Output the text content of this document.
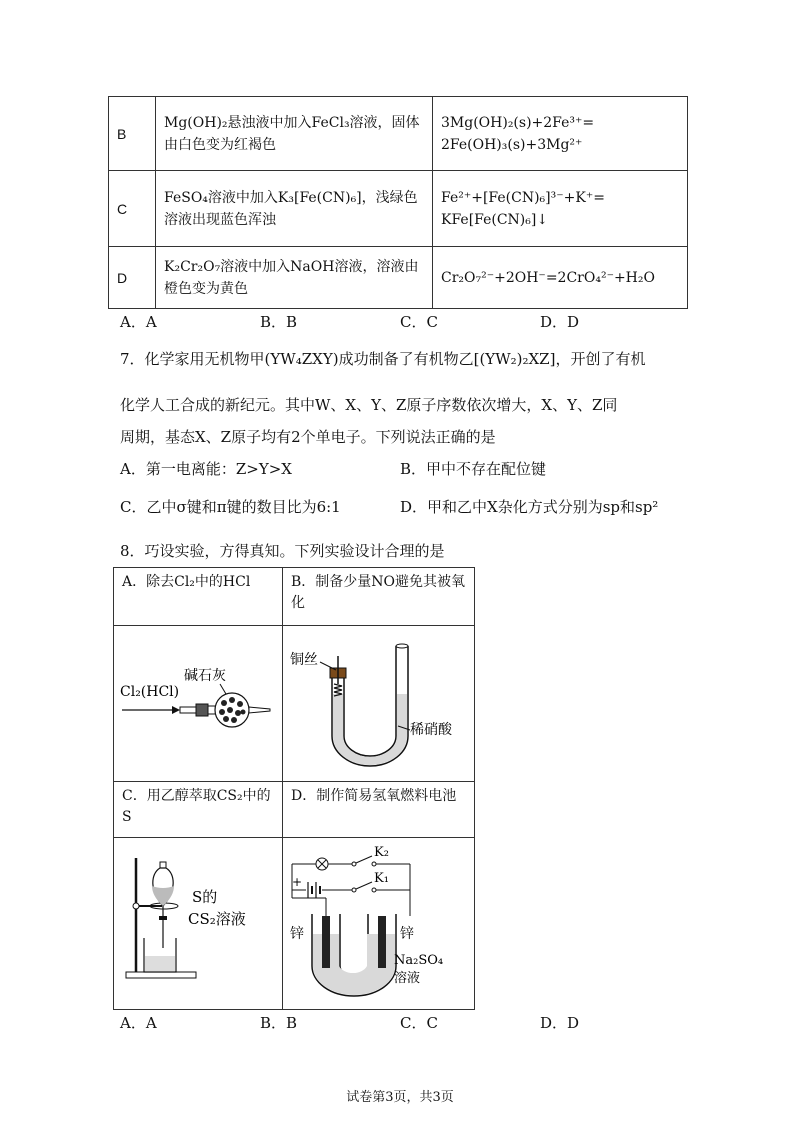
B	Mg(OH)₂悬浊液中加入FeCl₃溶液，固体由白色变为红褐色	3Mg(OH)₂(s)+2Fe³⁺= 2Fe(OH)₃(s)+3Mg²⁺
C	FeSO₄溶液中加入K₃[Fe(CN)₆]，浅绿色溶液出现蓝色浑浊	Fe²⁺+[Fe(CN)₆]³⁻+K⁺= KFe[Fe(CN)₆]↓
D	K₂Cr₂O₇溶液中加入NaOH溶液，溶液由橙色变为黄色	Cr₂O₇²⁻+2OH⁻=2CrO₄²⁻+H₂O
A．A	B．B	C．C	D．D
7．化学家用无机物甲(YW₄ZXY)成功制备了有机物乙[(YW₂)₂XZ]，开创了有机
化学人工合成的新纪元。其中W、X、Y、Z原子序数依次增大，X、Y、Z同
周期，基态X、Z原子均有2个单电子。下列说法正确的是
A．第一电离能：Z>Y>X	B．甲中不存在配位键
C．乙中σ键和π键的数目比为6:1	D．甲和乙中X杂化方式分别为sp和sp²
8．巧设实验，方得真知。下列实验设计合理的是
A．除去Cl₂中的HCl	B．制备少量NO避免其被氧化

C．用乙醇萃取CS₂中的S	D．制作简易氢氧燃料电池

碱石灰
Cl₂(HCl)
铜丝
稀硝酸
S的
CS₂溶液
K₂
+	K₁
锌	锌
Na₂SO₄
溶液
A．A	B．B	C．C	D．D
试卷第3页，共3页
